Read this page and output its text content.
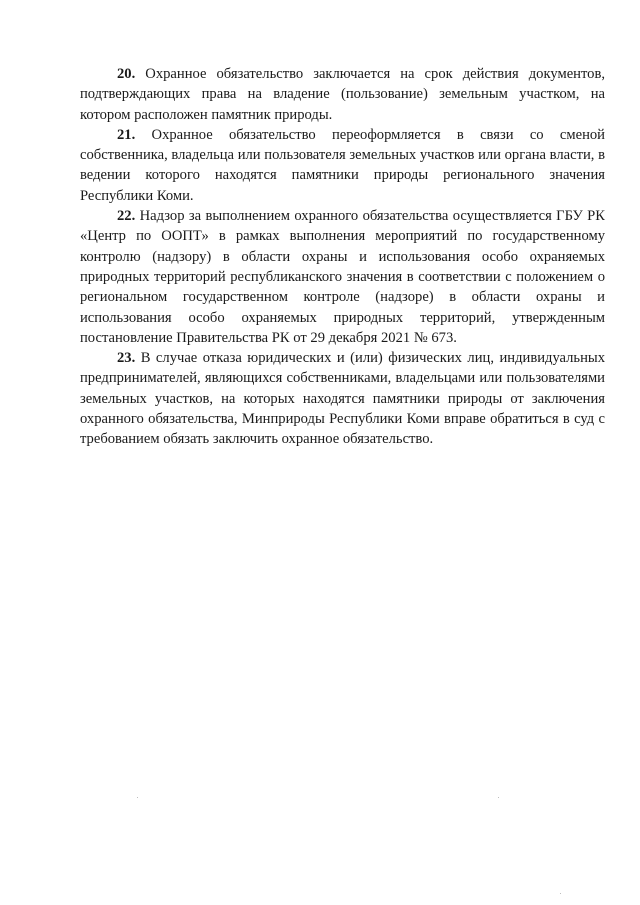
20. Охранное обязательство заключается на срок действия документов, подтверждающих права на владение (пользование) земельным участком, на котором расположен памятник природы.

21. Охранное обязательство переоформляется в связи со сменой собственника, владельца или пользователя земельных участков или органа власти, в ведении которого находятся памятники природы регионального значения Республики Коми.

22. Надзор за выполнением охранного обязательства осуществляется ГБУ РК «Центр по ООПТ» в рамках выполнения мероприятий по государственному контролю (надзору) в области охраны и использования особо охраняемых природных территорий республиканского значения в соответствии с положением о региональном государственном контроле (надзоре) в области охраны и использования особо охраняемых природных территорий, утвержденным постановление Правительства РК от 29 декабря 2021 № 673.

23. В случае отказа юридических и (или) физических лиц, индивидуальных предпринимателей, являющихся собственниками, владельцами или пользователями земельных участков, на которых находятся памятники природы от заключения охранного обязательства, Минприроды Республики Коми вправе обратиться в суд с требованием обязать заключить охранное обязательство.
